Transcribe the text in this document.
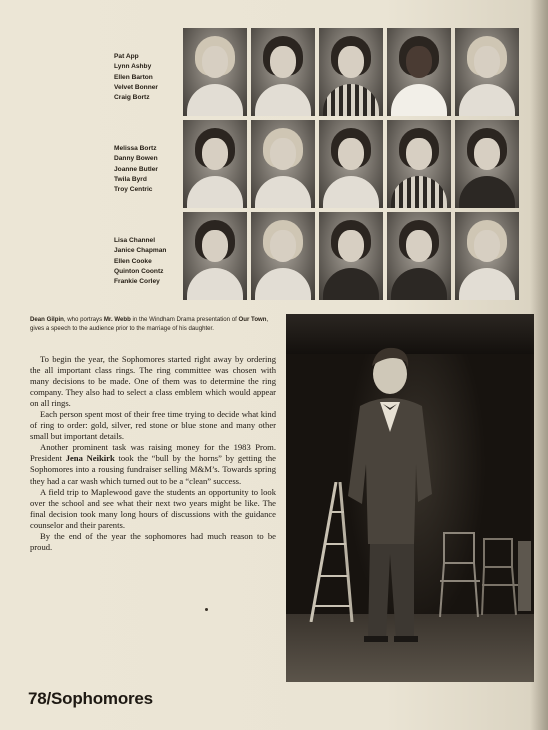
Pat App
Lynn Ashby
Ellen Barton
Velvet Bonner
Craig Bortz
Melissa Bortz
Danny Bowen
Joanne Butler
Twila Byrd
Troy Centric
Lisa Channel
Janice Chapman
Ellen Cooke
Quinton Coontz
Frankie Corley
Dean Gilpin, who portrays Mr. Webb in the Windham Drama presentation of Our Town, gives a speech to the audience prior to the marriage of his daughter.

To begin the year, the Sophomores started right away by ordering the all important class rings. The ring committee was chosen with many decisions to be made. One of them was to determine the ring company. They also had to select a class emblem which would appear on all rings.

Each person spent most of their free time trying to decide what kind of ring to order: gold, silver, red stone or blue stone and many other small but important details.

Another prominent task was raising money for the 1983 Prom. President Jena Neikirk took the “bull by the horns” by getting the Sophomores into a rousing fundraiser selling M&M’s. Towards spring they had a car wash which turned out to be a “clean” success.

A field trip to Maplewood gave the students an opportunity to look over the school and see what their next two years might be like. The final decision took many long hours of discussions with the guidance counselor and their parents.

By the end of the year the sophomores had much reason to be proud.

78/Sophomores
